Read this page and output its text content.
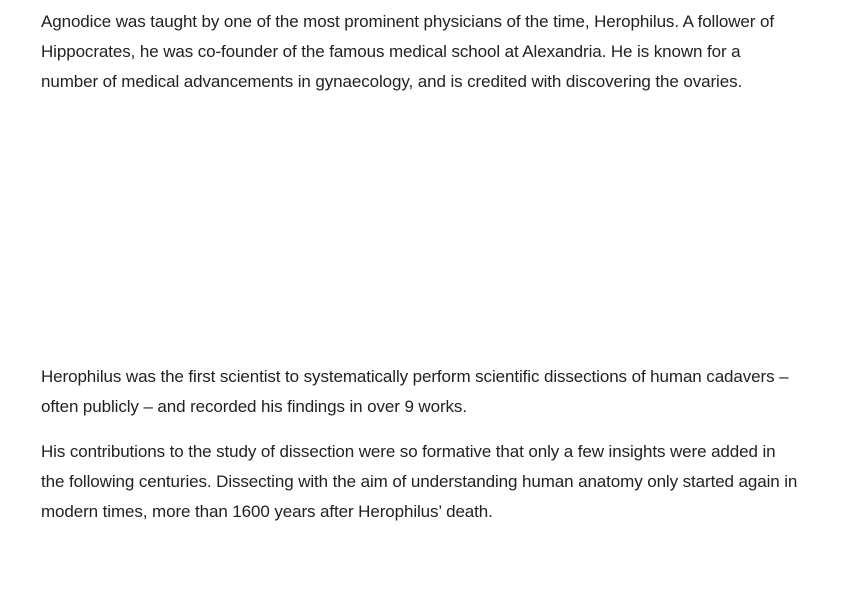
Agnodice was taught by one of the most prominent physicians of the time, Herophilus. A follower of Hippocrates, he was co-founder of the famous medical school at Alexandria. He is known for a number of medical advancements in gynaecology, and is credited with discovering the ovaries.

Herophilus was the first scientist to systematically perform scientific dissections of human cadavers – often publicly – and recorded his findings in over 9 works.

His contributions to the study of dissection were so formative that only a few insights were added in the following centuries. Dissecting with the aim of understanding human anatomy only started again in modern times, more than 1600 years after Herophilus’ death.
